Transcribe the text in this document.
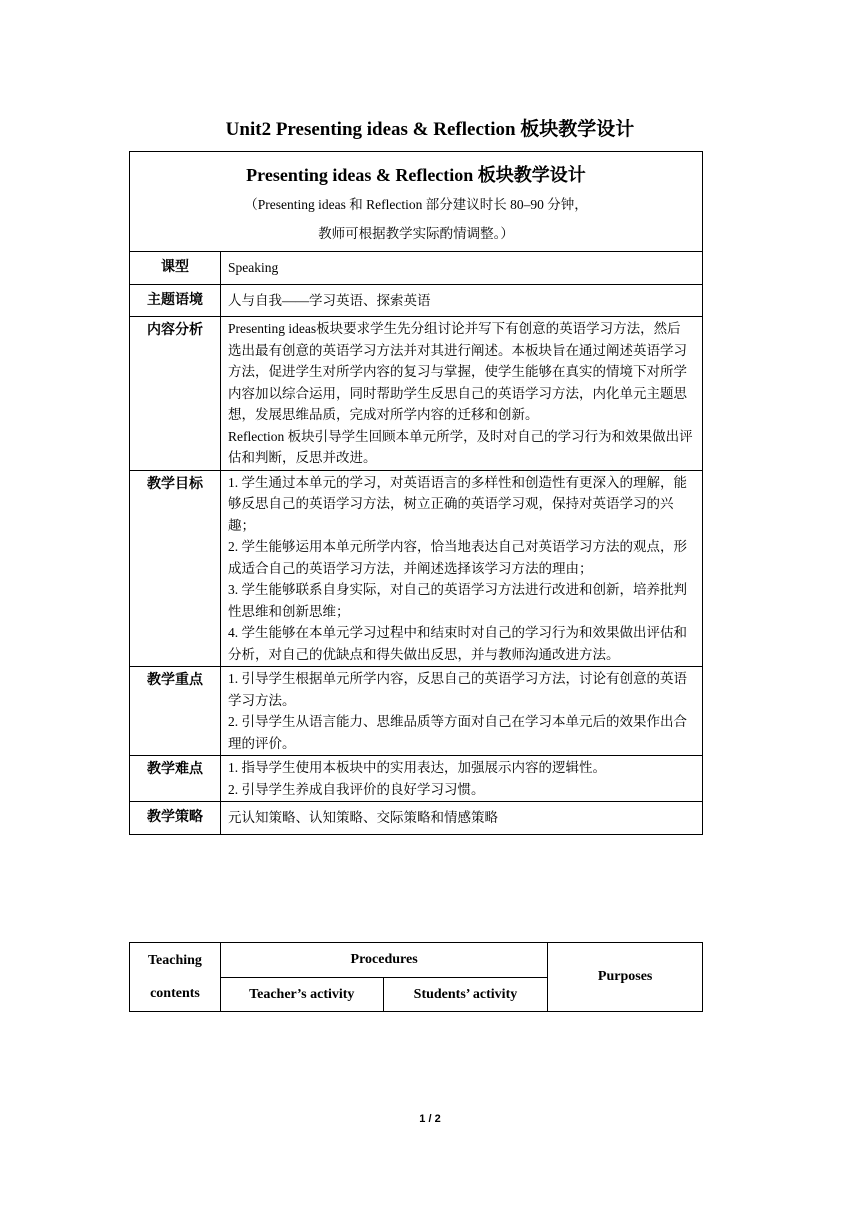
Unit2 Presenting ideas & Reflection 板块教学设计
Presenting ideas & Reflection 板块教学设计
（Presenting ideas 和 Reflection 部分建议时长 80–90 分钟，
教师可根据教学实际酌情调整。）	

课型	Speaking

主题语境	人与自我——学习英语、探索英语

内容分析	Presenting ideas板块要求学生先分组讨论并写下有创意的英语学习方法，然后选出最有创意的英语学习方法并对其进行阐述。本板块旨在通过阐述英语学习方法，促进学生对所学内容的复习与掌握，使学生能够在真实的情境下对所学内容加以综合运用，同时帮助学生反思自己的英语学习方法，内化单元主题思想，发展思维品质，完成对所学内容的迁移和创新。

Reflection 板块引导学生回顾本单元所学，及时对自己的学习行为和效果做出评估和判断，反思并改进。

教学目标	1. 学生通过本单元的学习，对英语语言的多样性和创造性有更深入的理解，能够反思自己的英语学习方法，树立正确的英语学习观，保持对英语学习的兴趣；

2. 学生能够运用本单元所学内容，恰当地表达自己对英语学习方法的观点，形成适合自己的英语学习方法，并阐述选择该学习方法的理由；

3. 学生能够联系自身实际，对自己的英语学习方法进行改进和创新，培养批判性思维和创新思维；

4. 学生能够在本单元学习过程中和结束时对自己的学习行为和效果做出评估和分析，对自己的优缺点和得失做出反思，并与教师沟通改进方法。

教学重点	1. 引导学生根据单元所学内容，反思自己的英语学习方法，讨论有创意的英语学习方法。

2. 引导学生从语言能力、思维品质等方面对自己在学习本单元后的效果作出合理的评价。

教学难点	1. 指导学生使用本板块中的实用表达，加强展示内容的逻辑性。

2. 引导学生养成自我评价的良好学习习惯。

教学策略	元认知策略、认知策略、交际策略和情感策略

Teaching
contents	Procedures		Purposes
	Teacher’s activity	Students’ activity	
1 / 2
